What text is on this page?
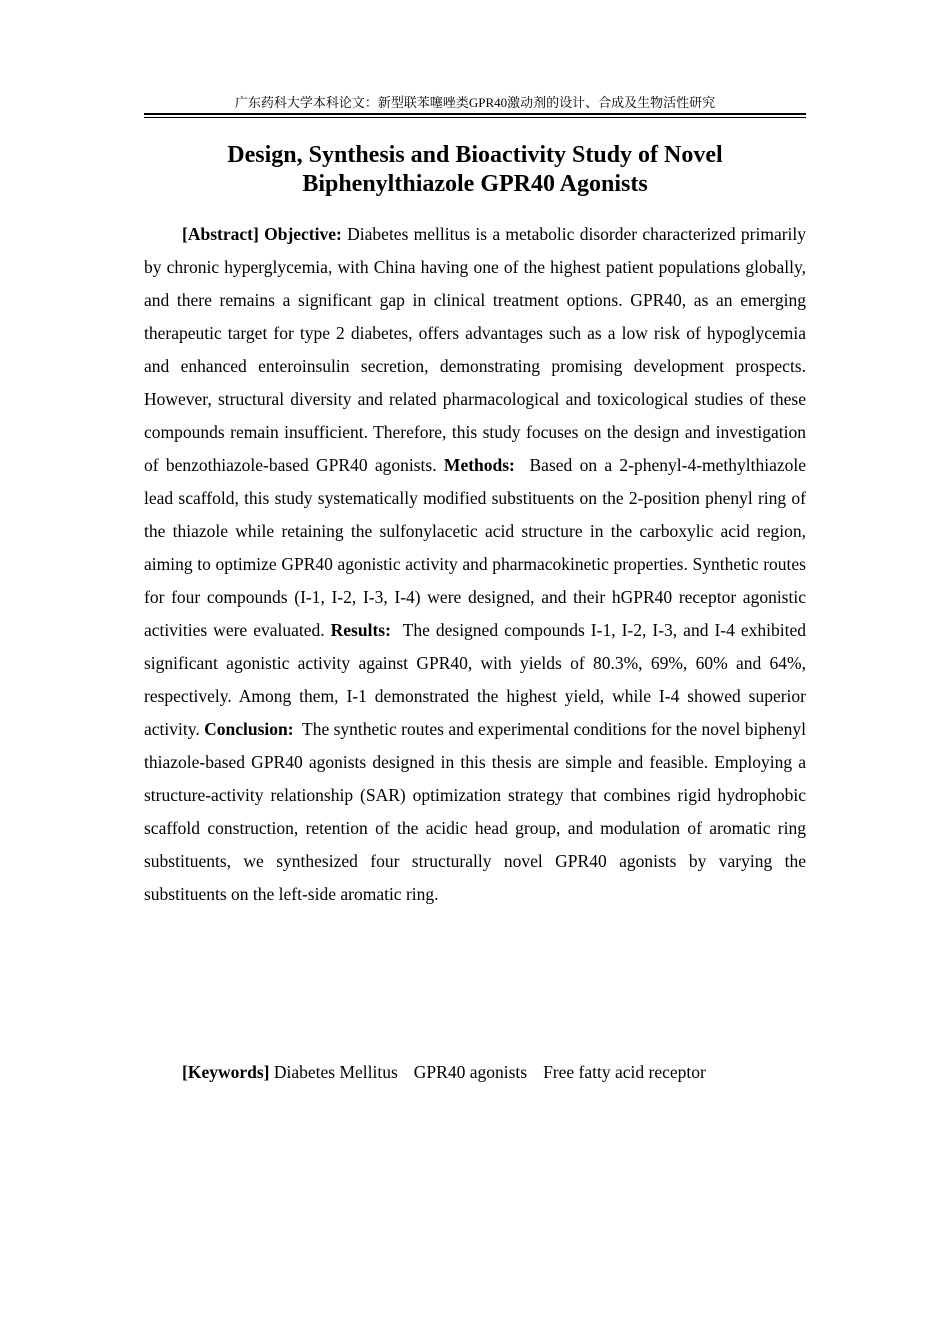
广东药科大学本科论文：新型联苯噻唑类GPR40激动剂的设计、合成及生物活性研究
Design, Synthesis and Bioactivity Study of Novel
Biphenylthiazole GPR40 Agonists

[Abstract] Objective: Diabetes mellitus is a metabolic disorder characterized primarily by chronic hyperglycemia, with China having one of the highest patient populations globally, and there remains a significant gap in clinical treatment options. GPR40, as an emerging therapeutic target for type 2 diabetes, offers advantages such as a low risk of hypoglycemia and enhanced enteroinsulin secretion, demonstrating promising development prospects. However, structural diversity and related pharmacological and toxicological studies of these compounds remain insufficient. Therefore, this study focuses on the design and investigation of benzothiazole-based GPR40 agonists. Methods: Based on a 2-phenyl-4-methylthiazole lead scaffold, this study systematically modified substituents on the 2-position phenyl ring of the thiazole while retaining the sulfonylacetic acid structure in the carboxylic acid region, aiming to optimize GPR40 agonistic activity and pharmacokinetic properties. Synthetic routes for four compounds (I-1, I-2, I-3, I-4) were designed, and their hGPR40 receptor agonistic activities were evaluated. Results: The designed compounds I-1, I-2, I-3, and I-4 exhibited significant agonistic activity against GPR40, with yields of 80.3%, 69%, 60% and 64%, respectively. Among them, I-1 demonstrated the highest yield, while I-4 showed superior activity. Conclusion: The synthetic routes and experimental conditions for the novel biphenyl thiazole-based GPR40 agonists designed in this thesis are simple and feasible. Employing a structure-activity relationship (SAR) optimization strategy that combines rigid hydrophobic scaffold construction, retention of the acidic head group, and modulation of aromatic ring substituents, we synthesized four structurally novel GPR40 agonists by varying the substituents on the left-side aromatic ring.

[Keywords] Diabetes Mellitus GPR40 agonists Free fatty acid receptor
